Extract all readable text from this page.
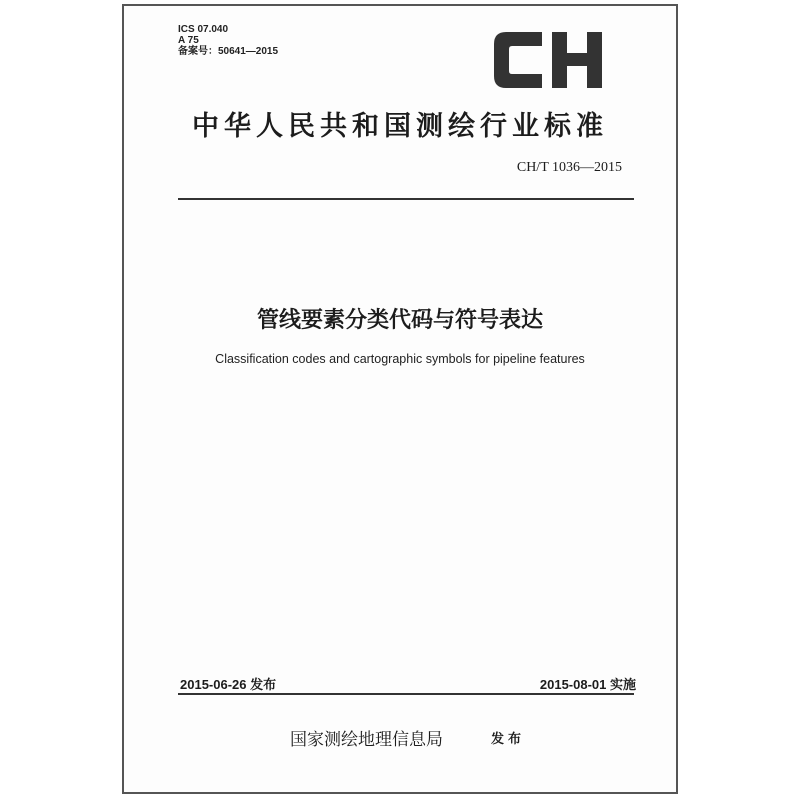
ICS 07.040
A 75
备案号：50641—2015
中华人民共和国测绘行业标准
CH/T 1036—2015
管线要素分类代码与符号表达
Classification codes and cartographic symbols for pipeline features
2015-06-26 发布	2015-08-01 实施
国家测绘地理信息局	发布
